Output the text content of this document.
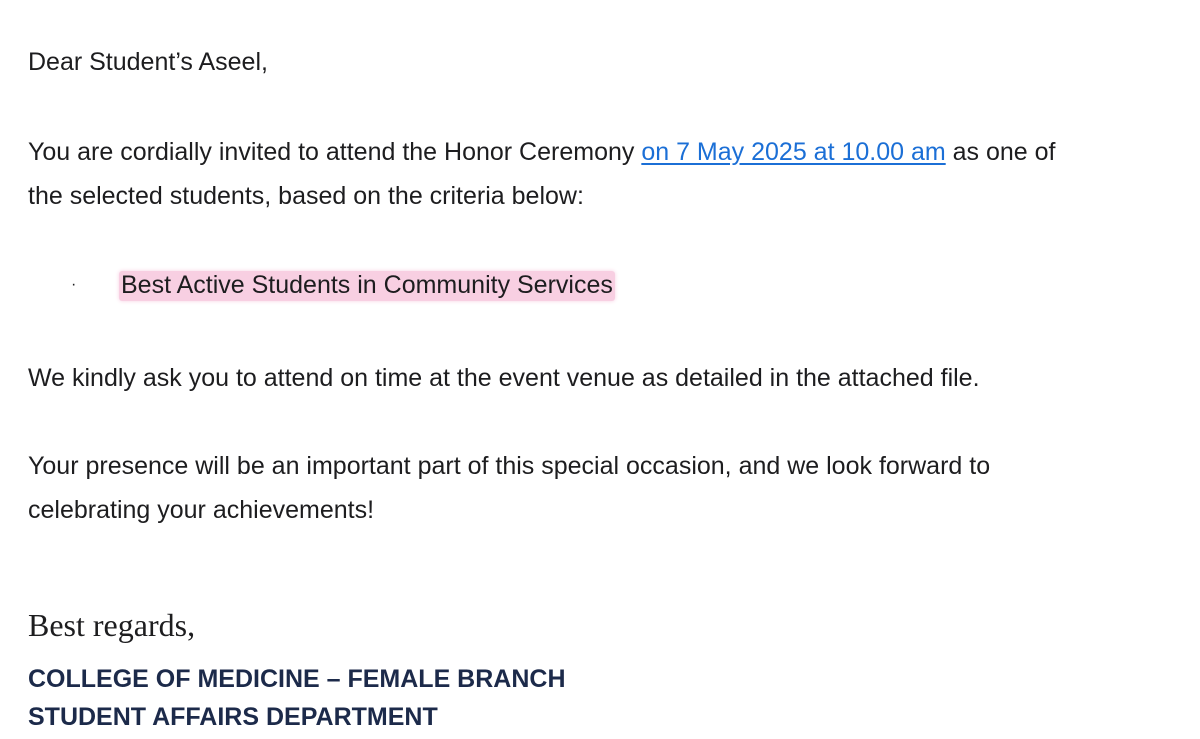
Dear Student’s Aseel,

You are cordially invited to attend the Honor Ceremony on 7 May 2025 at 10.00 am as one of
the selected students, based on the criteria below:

· Best Active Students in Community Services

We kindly ask you to attend on time at the event venue as detailed in the attached file.

Your presence will be an important part of this special occasion, and we look forward to
celebrating your achievements!

Best regards,

COLLEGE OF MEDICINE – FEMALE BRANCH

STUDENT AFFAIRS DEPARTMENT
